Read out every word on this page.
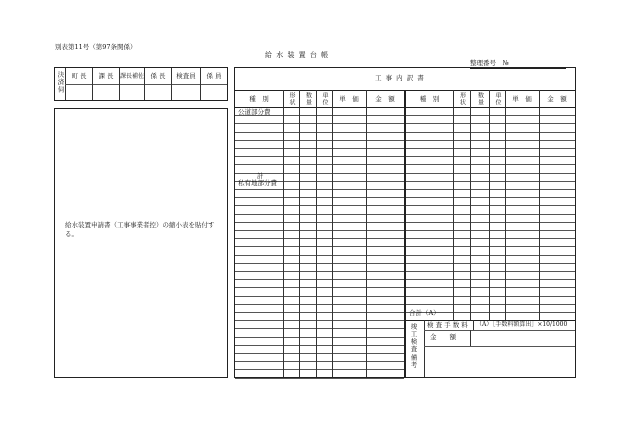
別表第11号（第97条関係）
給 水 装 置 台 帳
整理番号　№
決済伺	町 長	課 長	課長補佐 係 長	検査員	係 員
給水装置申請書（工事事業者控）の縮小表を貼付する。
工 事 内 訳 書
種　別	形状 数量 単位	単　価	金　額	種　別	形状 数量 単位	単　価	金　額
公道部分費
計
私有地部分費
合計（A）
竣工検査
備考
検 査 手 数 料 （A）［手数料額算出］×10/1000
金　　額
